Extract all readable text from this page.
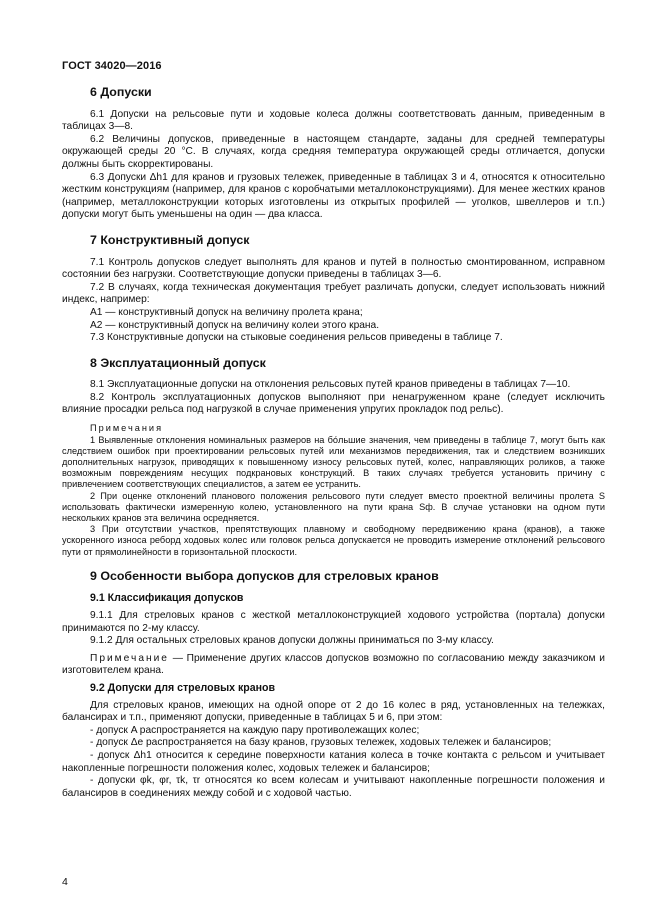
ГОСТ 34020—2016
6 Допуски

6.1 Допуски на рельсовые пути и ходовые колеса должны соответствовать данным, приведенным в таблицах 3—8.

6.2 Величины допусков, приведенные в настоящем стандарте, заданы для средней температуры окружающей среды 20 °С. В случаях, когда средняя температура окружающей среды отличается, допуски должны быть скорректированы.

6.3 Допуски Δh1 для кранов и грузовых тележек, приведенные в таблицах 3 и 4, относятся к относительно жестким конструкциям (например, для кранов с коробчатыми металлоконструкциями). Для менее жестких кранов (например, металлоконструкции которых изготовлены из открытых профилей — уголков, швеллеров и т.п.) допуски могут быть уменьшены на один — два класса.

7 Конструктивный допуск

7.1 Контроль допусков следует выполнять для кранов и путей в полностью смонтированном, исправном состоянии без нагрузки. Соответствующие допуски приведены в таблицах 3—6.

7.2 В случаях, когда техническая документация требует различать допуски, следует использовать нижний индекс, например:

A1 — конструктивный допуск на величину пролета крана;

A2 — конструктивный допуск на величину колеи этого крана.

7.3 Конструктивные допуски на стыковые соединения рельсов приведены в таблице 7.

8 Эксплуатационный допуск

8.1 Эксплуатационные допуски на отклонения рельсовых путей кранов приведены в таблицах 7—10.

8.2 Контроль эксплуатационных допусков выполняют при ненагруженном кране (следует исключить влияние просадки рельса под нагрузкой в случае применения упругих прокладок под рельс).

Примечания

1 Выявленные отклонения номинальных размеров на бо́льшие значения, чем приведены в таблице 7, могут быть как следствием ошибок при проектировании рельсовых путей или механизмов передвижения, так и следствием возникших дополнительных нагрузок, приводящих к повышенному износу рельсовых путей, колес, направляющих роликов, а также возможным повреждениям несущих подкрановых конструкций. В таких случаях требуется установить причину с привлечением соответствующих специалистов, а затем ее устранить.

2 При оценке отклонений планового положения рельсового пути следует вместо проектной величины пролета S использовать фактически измеренную колею, установленного на пути крана Sф. В случае установки на одном пути нескольких кранов эта величина осредняется.

3 При отсутствии участков, препятствующих плавному и свободному передвижению крана (кранов), а также ускоренного износа реборд ходовых колес или головок рельса допускается не проводить измерение отклонений рельсового пути от прямолинейности в горизонтальной плоскости.

9 Особенности выбора допусков для стреловых кранов
9.1 Классификация допусков

9.1.1 Для стреловых кранов с жесткой металлоконструкцией ходового устройства (портала) допуски принимаются по 2-му классу.

9.1.2 Для остальных стреловых кранов допуски должны приниматься по 3-му классу.

Примечание — Применение других классов допусков возможно по согласованию между заказчиком и изготовителем крана.

9.2 Допуски для стреловых кранов

Для стреловых кранов, имеющих на одной опоре от 2 до 16 колес в ряд, установленных на тележках, балансирах и т.п., применяют допуски, приведенные в таблицах 5 и 6, при этом:

- допуск A распространяется на каждую пару противолежащих колес;

- допуск Δe распространяется на базу кранов, грузовых тележек, ходовых тележек и балансиров;

- допуск Δh1 относится к середине поверхности катания колеса в точке контакта с рельсом и учитывает накопленные погрешности положения колес, ходовых тележек и балансиров;

- допуски φk, φr, τk, τr относятся ко всем колесам и учитывают накопленные погрешности положения и балансиров в соединениях между собой и с ходовой частью.

4
